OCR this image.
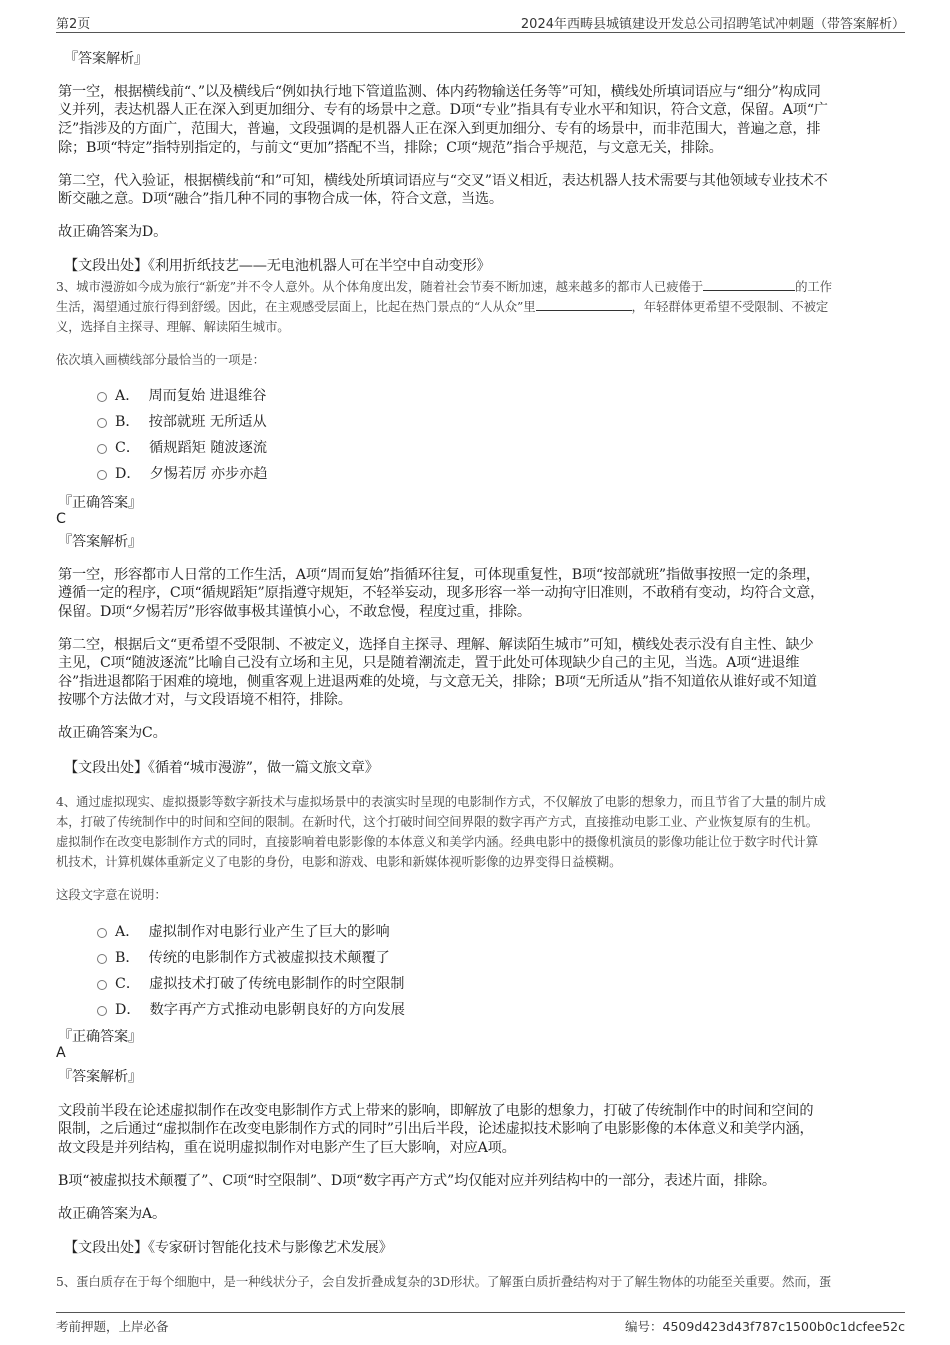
第2页	2024年西畴县城镇建设开发总公司招聘笔试冲刺题（带答案解析）
『答案解析』
第一空，根据横线前“、”以及横线后“例如执行地下管道监测、体内药物输送任务等”可知，横线处所填词语应与“细分”构成同
义并列，表达机器人正在深入到更加细分、专有的场景中之意。D项“专业”指具有专业水平和知识，符合文意，保留。A项“广
泛”指涉及的方面广，范围大，普遍，文段强调的是机器人正在深入到更加细分、专有的场景中，而非范围大，普遍之意，排
除；B项“特定”指特别指定的，与前文“更加”搭配不当，排除；C项“规范”指合乎规范，与文意无关，排除。
第二空，代入验证，根据横线前“和”可知，横线处所填词语应与“交叉”语义相近，表达机器人技术需要与其他领域专业技术不
断交融之意。D项“融合”指几种不同的事物合成一体，符合文意，当选。
故正确答案为D。
【文段出处】《利用折纸技艺——无电池机器人可在半空中自动变形》
3、城市漫游如今成为旅行“新宠”并不令人意外。从个体角度出发，随着社会节奏不断加速，越来越多的都市人已疲倦于	的工作
生活，渴望通过旅行得到舒缓。因此，在主观感受层面上，比起在热门景点的“人从众”里	，年轻群体更希望不受限制、不被定
义，选择自主探寻、理解、解读陌生城市。
依次填入画横线部分最恰当的一项是：
A． 周而复始 进退维谷
B． 按部就班 无所适从
C． 循规蹈矩 随波逐流
D． 夕惕若厉 亦步亦趋
『正确答案』
C
『答案解析』
第一空，形容都市人日常的工作生活，A项“周而复始”指循环往复，可体现重复性，B项“按部就班”指做事按照一定的条理，
遵循一定的程序，C项“循规蹈矩”原指遵守规矩，不轻举妄动，现多形容一举一动拘守旧准则，不敢稍有变动，均符合文意，
保留。D项“夕惕若厉”形容做事极其谨慎小心，不敢怠慢，程度过重，排除。
第二空，根据后文“更希望不受限制、不被定义，选择自主探寻、理解、解读陌生城市”可知，横线处表示没有自主性、缺少
主见，C项“随波逐流”比喻自己没有立场和主见，只是随着潮流走，置于此处可体现缺少自己的主见，当选。A项“进退维
谷”指进退都陷于困难的境地，侧重客观上进退两难的处境，与文意无关，排除；B项“无所适从”指不知道依从谁好或不知道
按哪个方法做才对，与文段语境不相符，排除。
故正确答案为C。
【文段出处】《循着“城市漫游”，做一篇文旅文章》
4、通过虚拟现实、虚拟摄影等数字新技术与虚拟场景中的表演实时呈现的电影制作方式，不仅解放了电影的想象力，而且节省了大量的制片成
本，打破了传统制作中的时间和空间的限制。在新时代，这个打破时间空间界限的数字再产方式，直接推动电影工业、产业恢复原有的生机。
虚拟制作在改变电影制作方式的同时，直接影响着电影影像的本体意义和美学内涵。经典电影中的摄像机演员的影像功能让位于数字时代计算
机技术，计算机媒体重新定义了电影的身份，电影和游戏、电影和新媒体视听影像的边界变得日益模糊。
这段文字意在说明：
A． 虚拟制作对电影行业产生了巨大的影响
B． 传统的电影制作方式被虚拟技术颠覆了
C． 虚拟技术打破了传统电影制作的时空限制
D． 数字再产方式推动电影朝良好的方向发展
『正确答案』
A
『答案解析』
文段前半段在论述虚拟制作在改变电影制作方式上带来的影响，即解放了电影的想象力，打破了传统制作中的时间和空间的
限制，之后通过“虚拟制作在改变电影制作方式的同时”引出后半段，论述虚拟技术影响了电影影像的本体意义和美学内涵，
故文段是并列结构，重在说明虚拟制作对电影产生了巨大影响，对应A项。
B项“被虚拟技术颠覆了”、C项“时空限制”、D项“数字再产方式”均仅能对应并列结构中的一部分，表述片面，排除。
故正确答案为A。
【文段出处】《专家研讨智能化技术与影像艺术发展》
5、蛋白质存在于每个细胞中，是一种线状分子，会自发折叠成复杂的3D形状。了解蛋白质折叠结构对于了解生物体的功能至关重要。然而，蛋
考前押题，上岸必备	编号：4509d423d43f787c1500b0c1dcfee52c
